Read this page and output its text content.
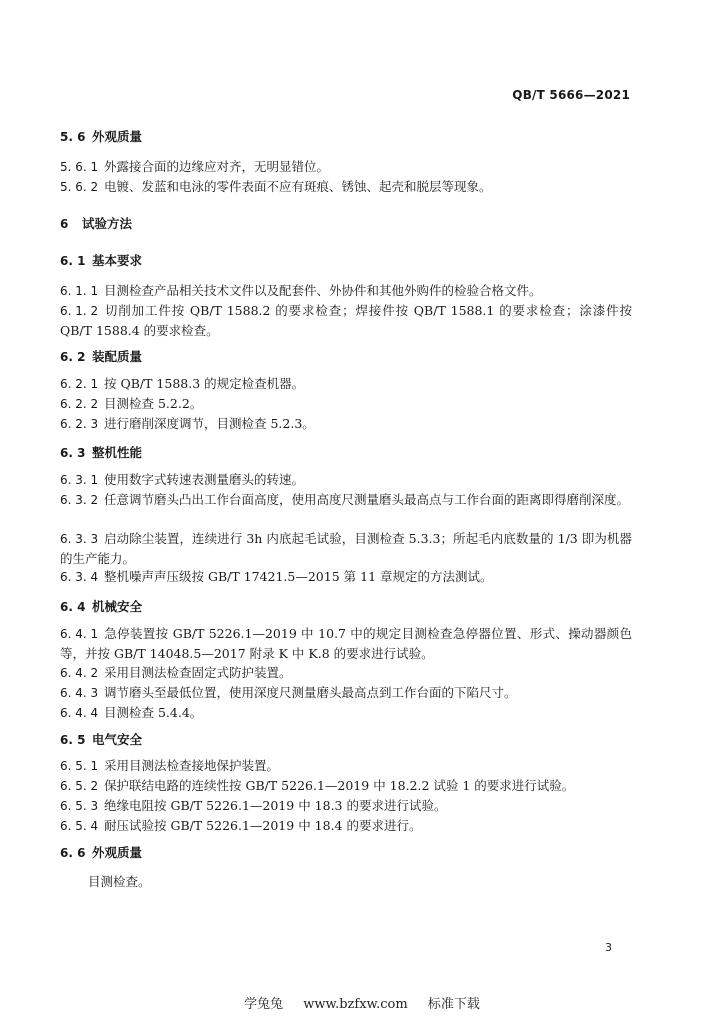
QB/T 5666—2021
5. 6 外观质量
5. 6. 1 外露接合面的边缘应对齐，无明显错位。
5. 6. 2 电镀、发蓝和电泳的零件表面不应有斑痕、锈蚀、起壳和脱层等现象。
6 试验方法
6. 1 基本要求
6. 1. 1 目测检查产品相关技术文件以及配套件、外协件和其他外购件的检验合格文件。
6. 1. 2 切削加工件按 QB/T 1588.2 的要求检查；焊接件按 QB/T 1588.1 的要求检查；涂漆件按 QB/T 1588.4 的要求检查。
6. 2 装配质量
6. 2. 1 按 QB/T 1588.3 的规定检查机器。
6. 2. 2 目测检查 5.2.2。
6. 2. 3 进行磨削深度调节，目测检查 5.2.3。
6. 3 整机性能
6. 3. 1 使用数字式转速表测量磨头的转速。
6. 3. 2 任意调节磨头凸出工作台面高度，使用高度尺测量磨头最高点与工作台面的距离即得磨削深度。
6. 3. 3 启动除尘装置，连续进行 3h 内底起毛试验，目测检查 5.3.3；所起毛内底数量的 1/3 即为机器的生产能力。
6. 3. 4 整机噪声声压级按 GB/T 17421.5—2015 第 11 章规定的方法测试。
6. 4 机械安全
6. 4. 1 急停装置按 GB/T 5226.1—2019 中 10.7 中的规定目测检查急停器位置、形式、操动器颜色等，并按 GB/T 14048.5—2017 附录 K 中 K.8 的要求进行试验。
6. 4. 2 采用目测法检查固定式防护装置。
6. 4. 3 调节磨头至最低位置，使用深度尺测量磨头最高点到工作台面的下陷尺寸。
6. 4. 4 目测检查 5.4.4。
6. 5 电气安全
6. 5. 1 采用目测法检查接地保护装置。
6. 5. 2 保护联结电路的连续性按 GB/T 5226.1—2019 中 18.2.2 试验 1 的要求进行试验。
6. 5. 3 绝缘电阻按 GB/T 5226.1—2019 中 18.3 的要求进行试验。
6. 5. 4 耐压试验按 GB/T 5226.1—2019 中 18.4 的要求进行。
6. 6 外观质量
目测检查。
3
学兔兔 www.bzfxw.com 标准下载
